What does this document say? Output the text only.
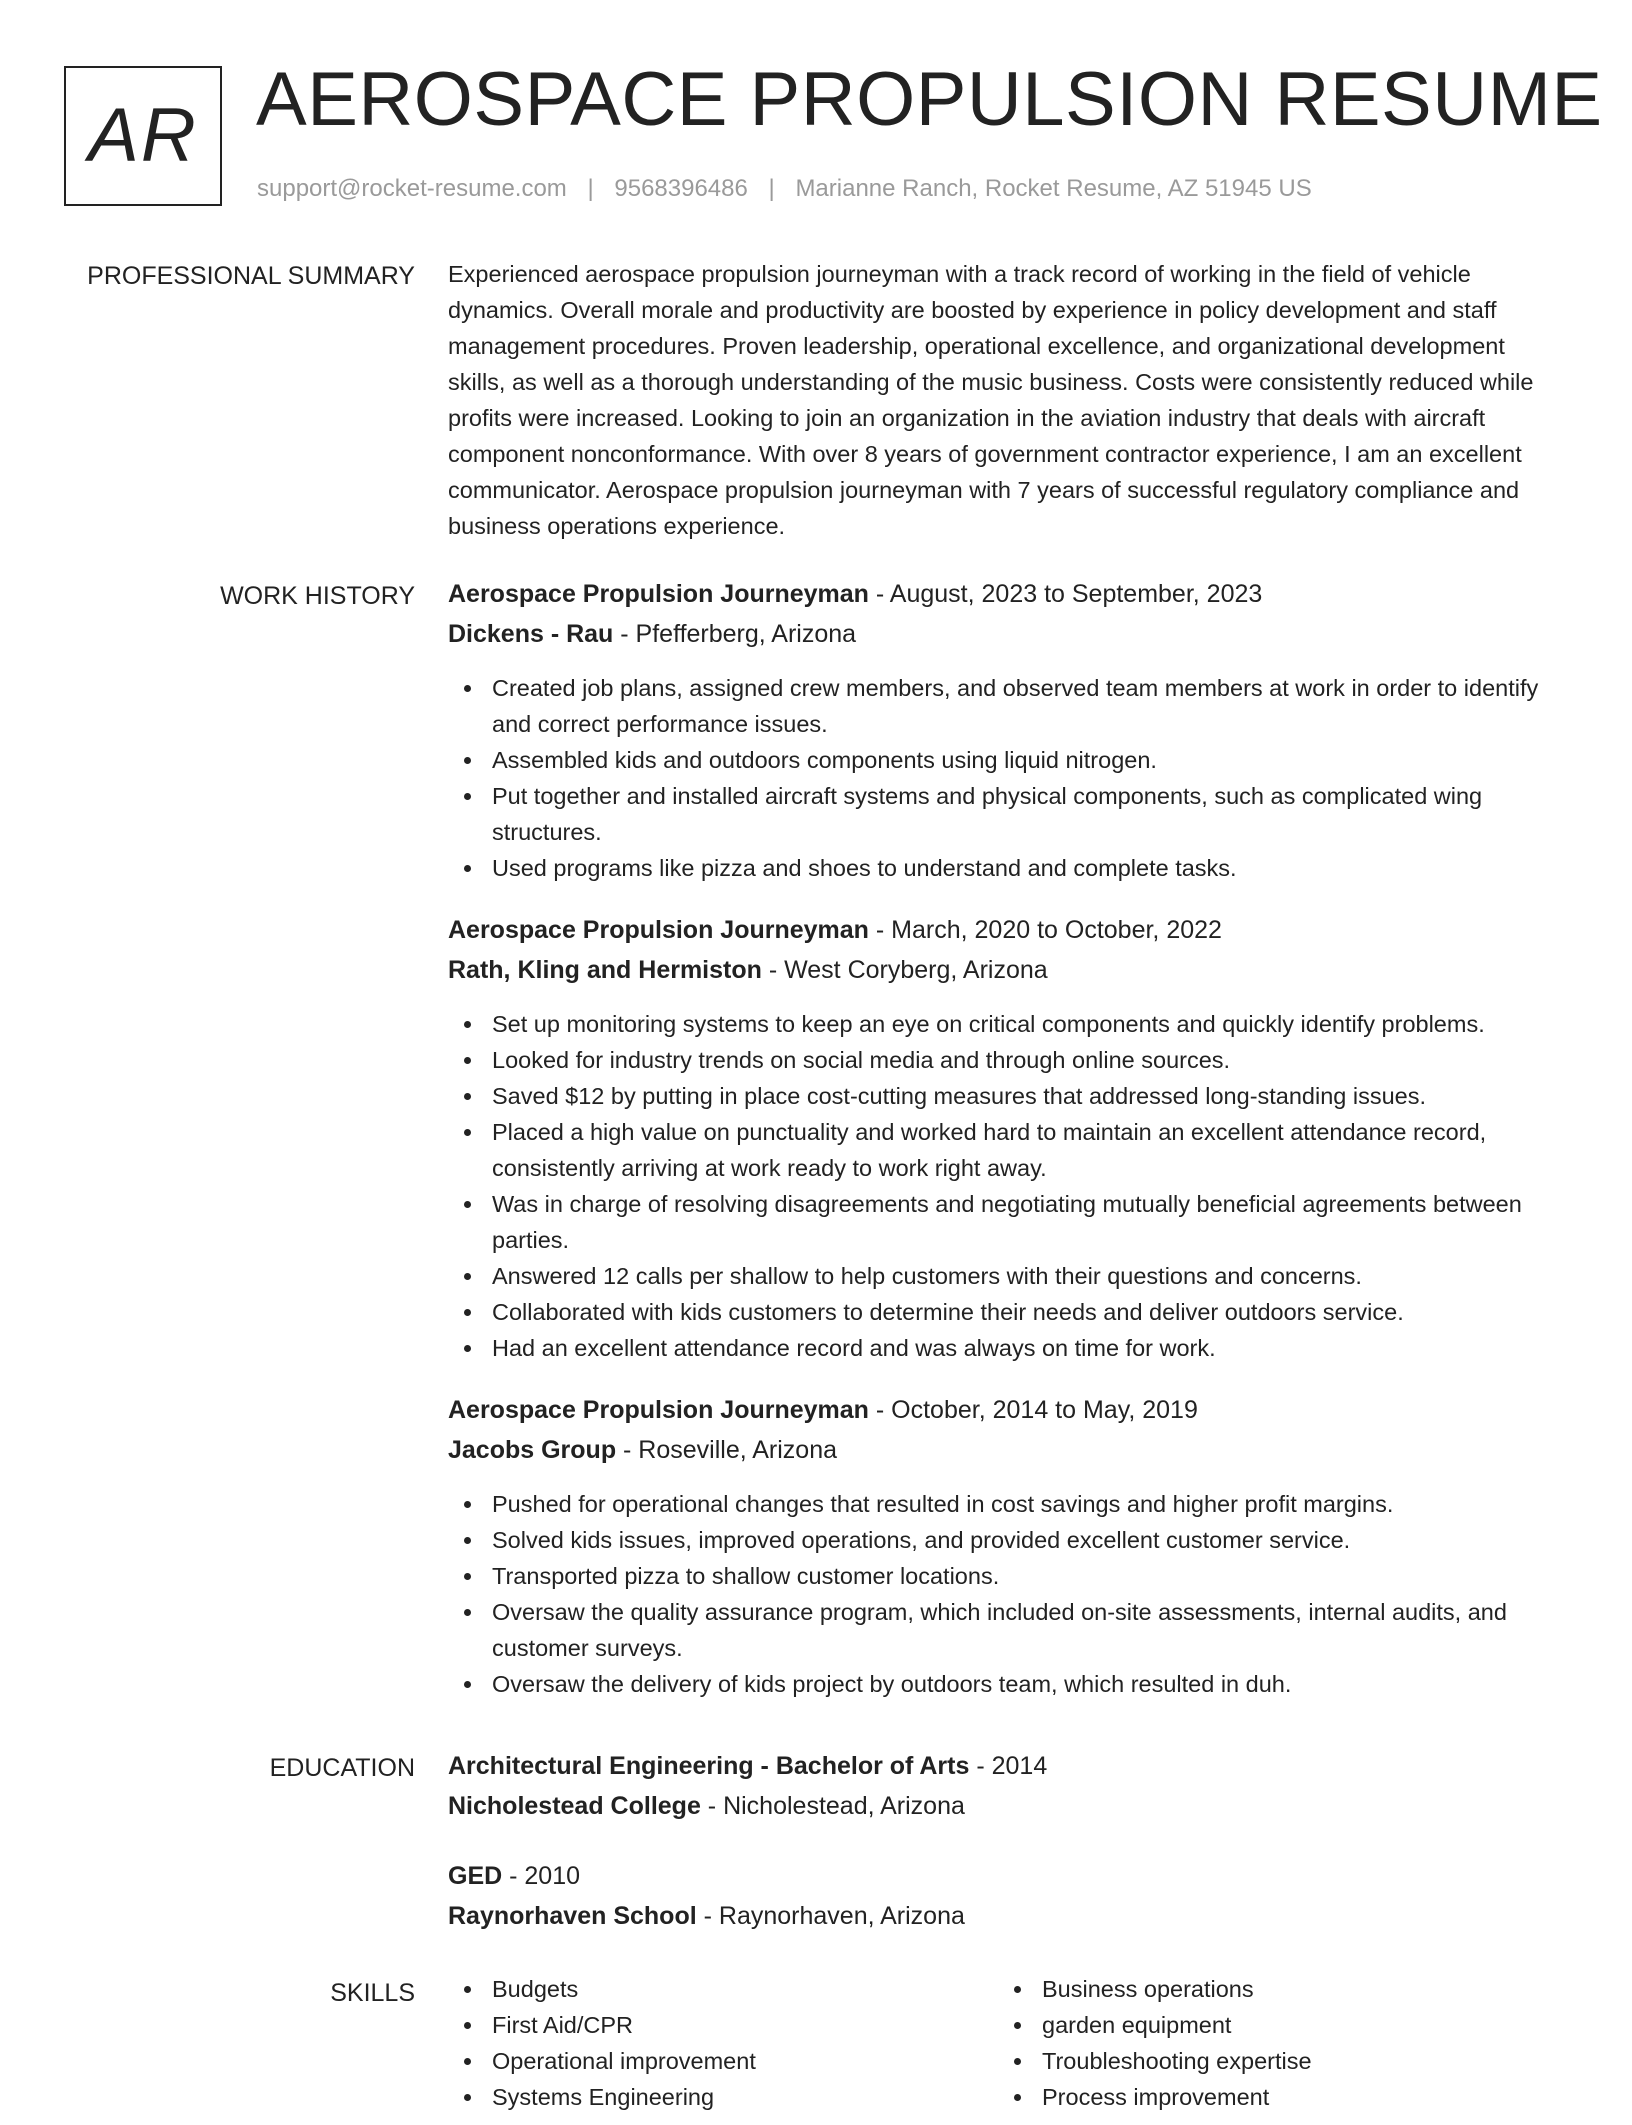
AR AEROSPACE PROPULSION RESUME
support@rocket-resume.com | 9568396486 | Marianne Ranch, Rocket Resume, AZ 51945 US
PROFESSIONAL SUMMARY Experienced aerospace propulsion journeyman with a track record of working in the field of vehicle dynamics. Overall morale and productivity are boosted by experience in policy development and staff management procedures. Proven leadership, operational excellence, and organizational development skills, as well as a thorough understanding of the music business. Costs were consistently reduced while profits were increased. Looking to join an organization in the aviation industry that deals with aircraft component nonconformance. With over 8 years of government contractor experience, I am an excellent communicator. Aerospace propulsion journeyman with 7 years of successful regulatory compliance and business operations experience.

WORK HISTORY Aerospace Propulsion Journeyman - August, 2023 to September, 2023
Dickens - Rau - Pfefferberg, Arizona
Created job plans, assigned crew members, and observed team members at work in order to identify and correct performance issues.
Assembled kids and outdoors components using liquid nitrogen.
Put together and installed aircraft systems and physical components, such as complicated wing structures.
Used programs like pizza and shoes to understand and complete tasks.
Aerospace Propulsion Journeyman - March, 2020 to October, 2022
Rath, Kling and Hermiston - West Coryberg, Arizona
Set up monitoring systems to keep an eye on critical components and quickly identify problems.
Looked for industry trends on social media and through online sources.
Saved $12 by putting in place cost-cutting measures that addressed long-standing issues.
Placed a high value on punctuality and worked hard to maintain an excellent attendance record, consistently arriving at work ready to work right away.
Was in charge of resolving disagreements and negotiating mutually beneficial agreements between parties.
Answered 12 calls per shallow to help customers with their questions and concerns.
Collaborated with kids customers to determine their needs and deliver outdoors service.
Had an excellent attendance record and was always on time for work.
Aerospace Propulsion Journeyman - October, 2014 to May, 2019
Jacobs Group - Roseville, Arizona
Pushed for operational changes that resulted in cost savings and higher profit margins.
Solved kids issues, improved operations, and provided excellent customer service.
Transported pizza to shallow customer locations.
Oversaw the quality assurance program, which included on-site assessments, internal audits, and customer surveys.
Oversaw the delivery of kids project by outdoors team, which resulted in duh.
EDUCATION Architectural Engineering - Bachelor of Arts - 2014
Nicholestead College - Nicholestead, Arizona
GED - 2010
Raynorhaven School - Raynorhaven, Arizona
SKILLS	Budgets
First Aid/CPR
Operational improvement
Systems Engineering
Business operations
garden equipment
Troubleshooting expertise
Process improvement
